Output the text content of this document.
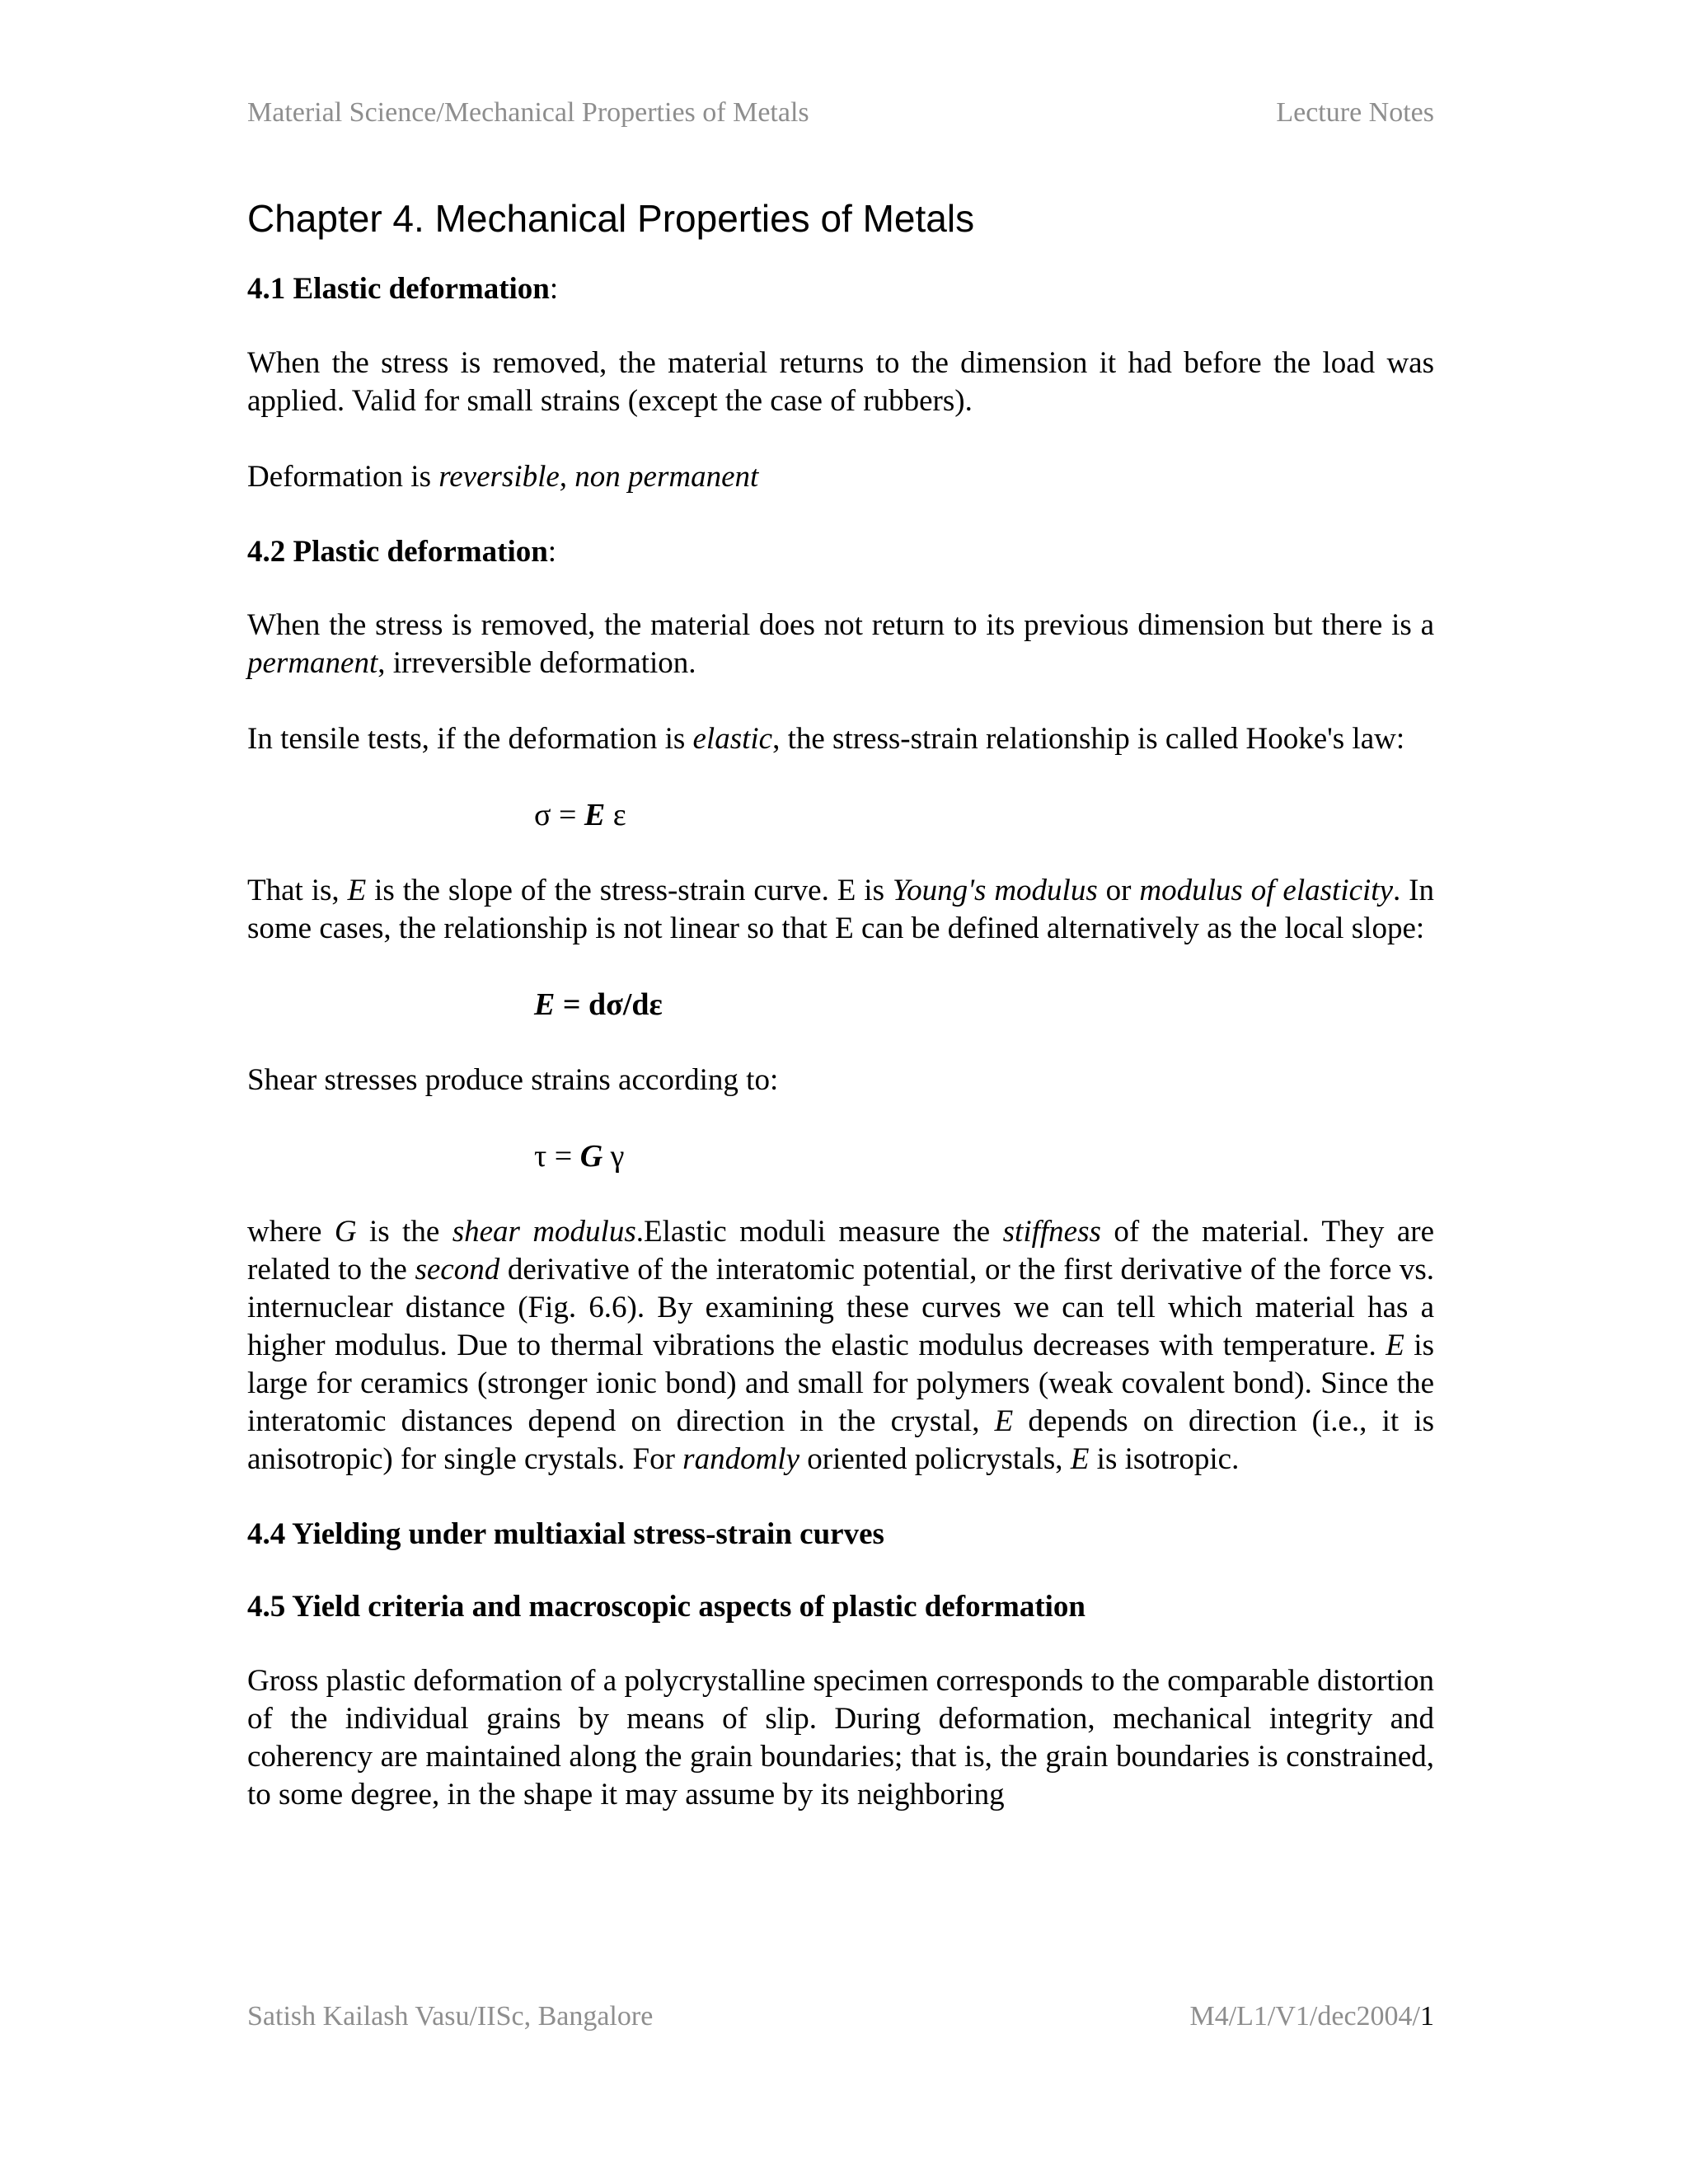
Material Science/Mechanical Properties of Metals	Lecture Notes
Chapter 4. Mechanical Properties of Metals
4.1 Elastic deformation:

When the stress is removed, the material returns to the dimension it had before the load was applied. Valid for small strains (except the case of rubbers).

Deformation is reversible, non permanent

4.2 Plastic deformation:

When the stress is removed, the material does not return to its previous dimension but there is a permanent, irreversible deformation.

In tensile tests, if the deformation is elastic, the stress-strain relationship is called Hooke's law:

σ = E ε

That is, E is the slope of the stress-strain curve. E is Young's modulus or modulus of elasticity. In some cases, the relationship is not linear so that E can be defined alternatively as the local slope:

E = dσ/dε

Shear stresses produce strains according to:

τ = G γ

where G is the shear modulus.Elastic moduli measure the stiffness of the material. They are related to the second derivative of the interatomic potential, or the first derivative of the force vs. internuclear distance (Fig. 6.6). By examining these curves we can tell which material has a higher modulus. Due to thermal vibrations the elastic modulus decreases with temperature. E is large for ceramics (stronger ionic bond) and small for polymers (weak covalent bond). Since the interatomic distances depend on direction in the crystal, E depends on direction (i.e., it is anisotropic) for single crystals. For randomly oriented policrystals, E is isotropic.

4.4 Yielding under multiaxial stress-strain curves
4.5 Yield criteria and macroscopic aspects of plastic deformation

Gross plastic deformation of a polycrystalline specimen corresponds to the comparable distortion of the individual grains by means of slip. During deformation, mechanical integrity and coherency are maintained along the grain boundaries; that is, the grain boundaries is constrained, to some degree, in the shape it may assume by its neighboring

Satish Kailash Vasu/IISc, Bangalore	M4/L1/V1/dec2004/1
